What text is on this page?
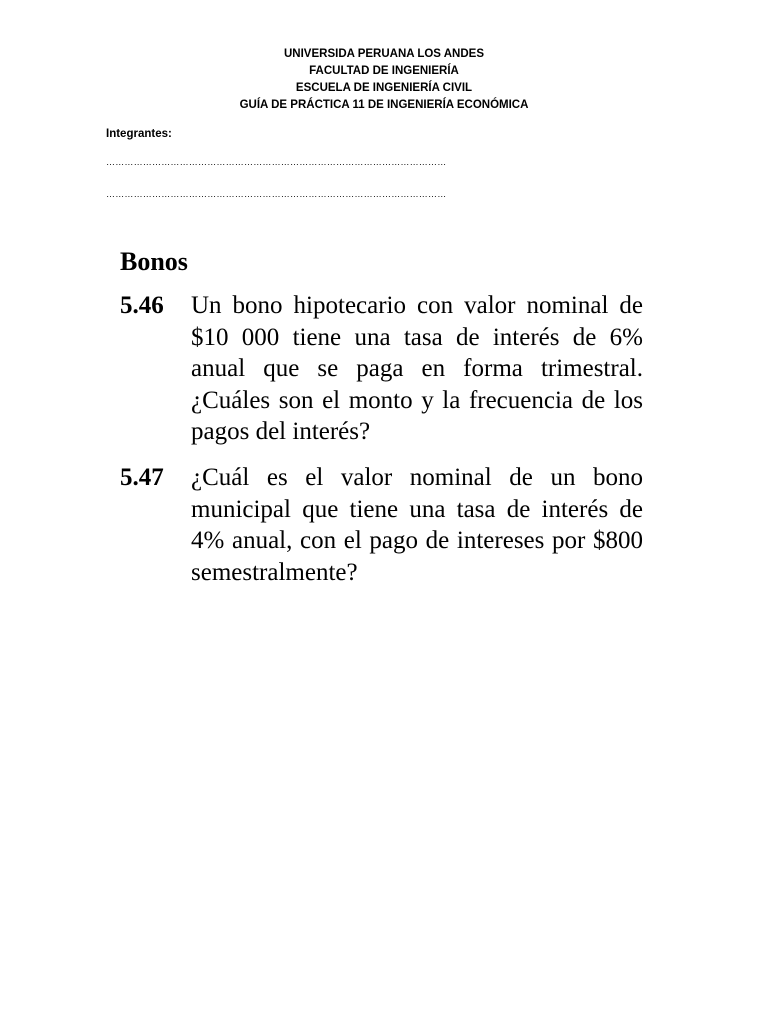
UNIVERSIDA PERUANA LOS ANDES
FACULTAD DE INGENIERÍA
ESCUELA DE INGENIERÍA CIVIL
GUÍA DE PRÁCTICA 11 DE INGENIERÍA ECONÓMICA
Integrantes:
…………………………………………………………………………………………………
…………………………………………………………………………………………………
Bonos
5.46 Un bono hipotecario con valor nominal de $10 000 tiene una tasa de interés de 6% anual que se paga en forma trimestral. ¿Cuáles son el monto y la frecuencia de los pagos del interés?
5.47 ¿Cuál es el valor nominal de un bono municipal que tiene una tasa de interés de 4% anual, con el pago de intereses por $800 semestralmente?
